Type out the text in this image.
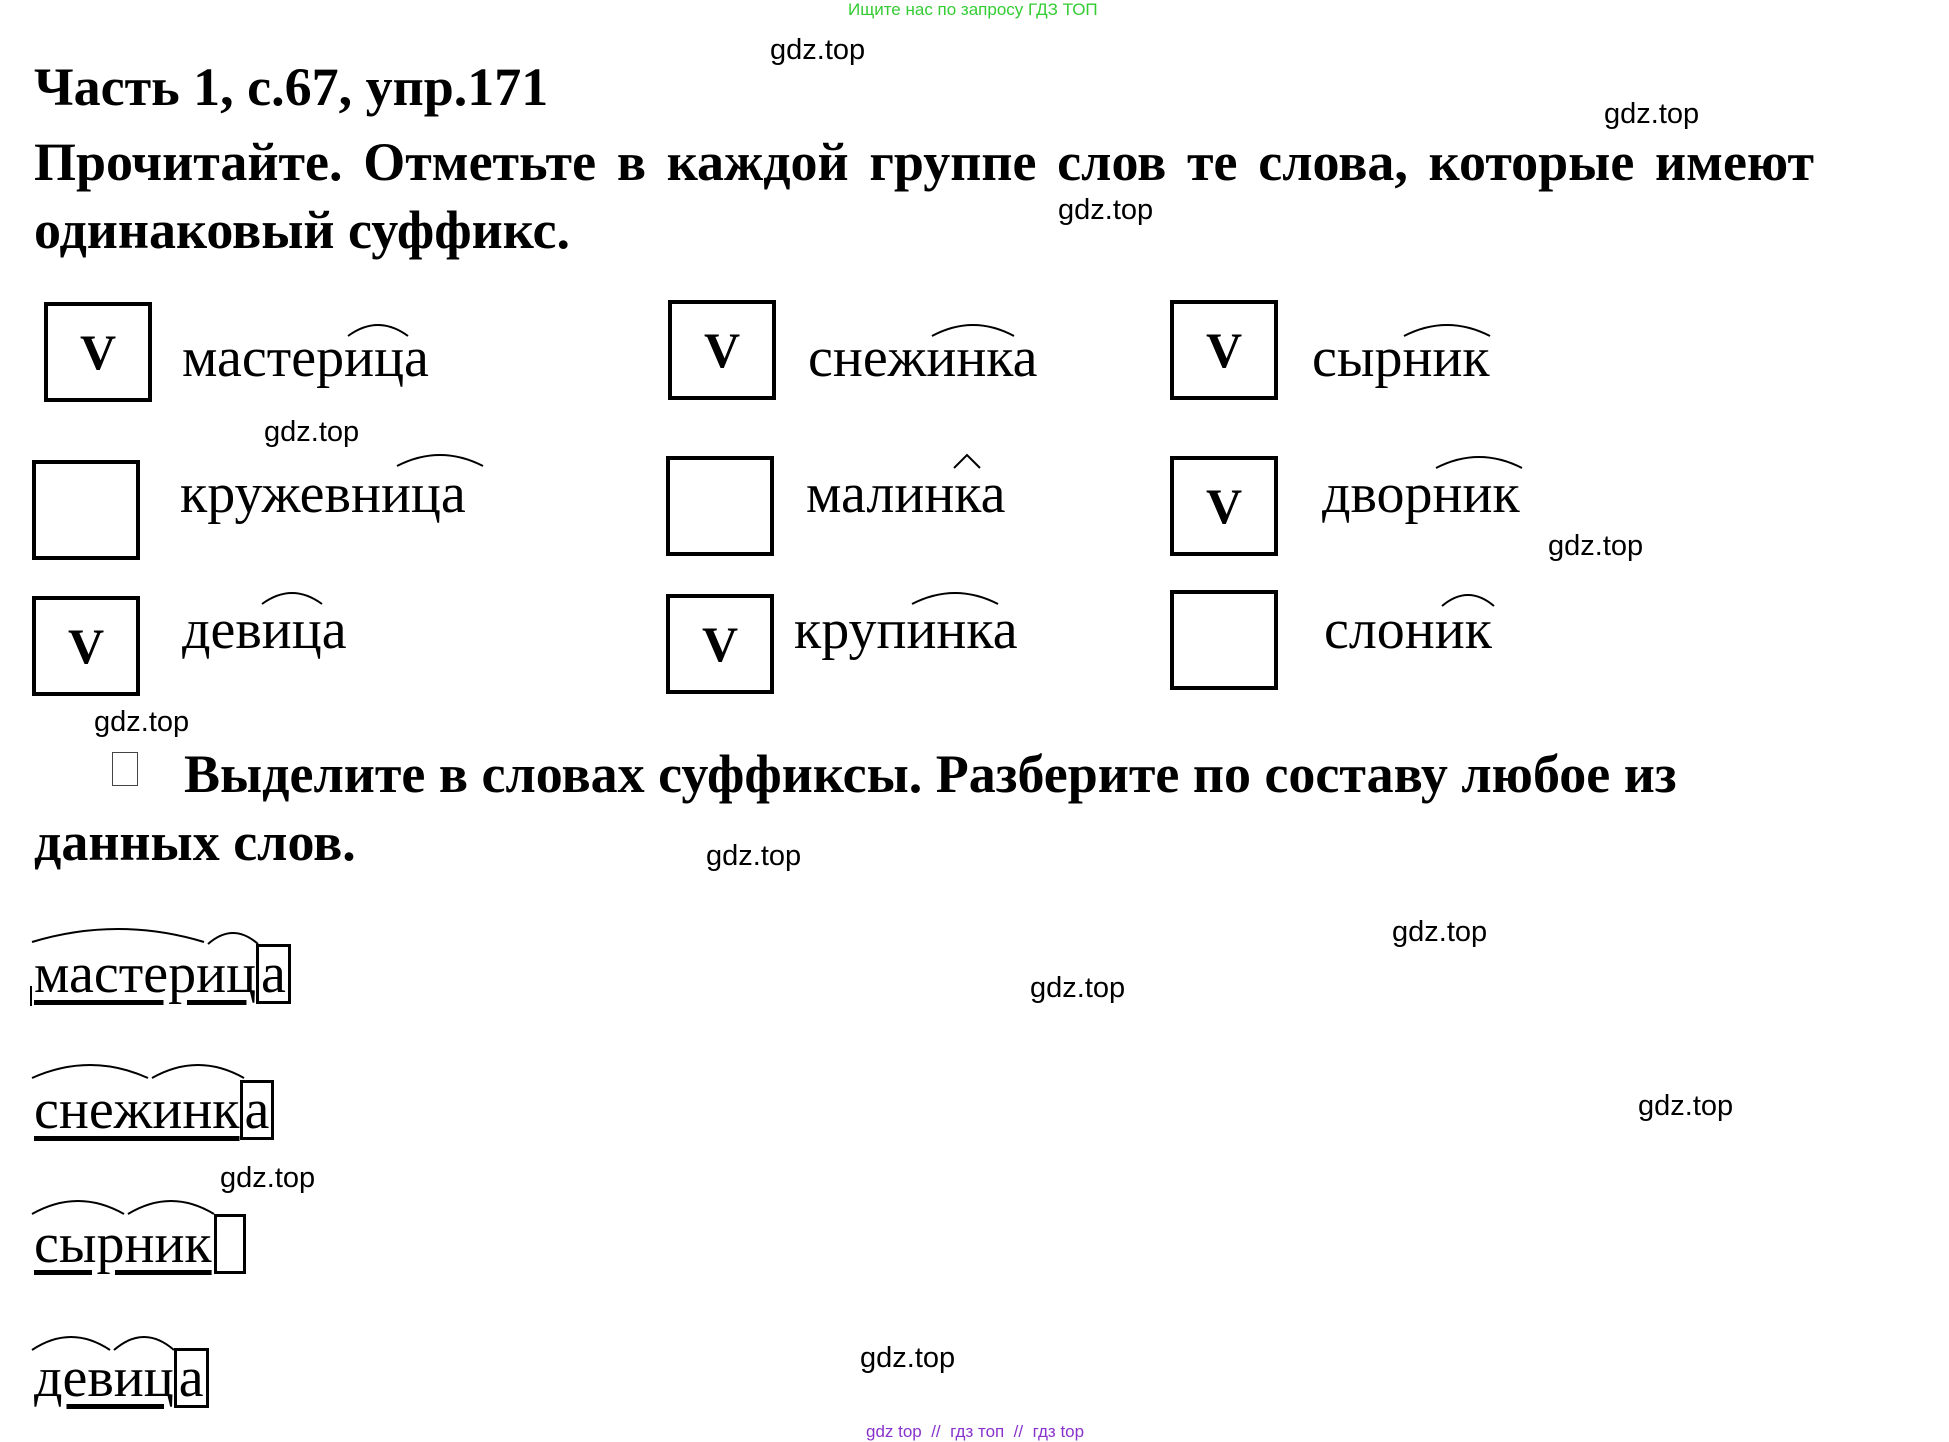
Ищите нас по запросу ГДЗ ТОП
Часть 1, с.67, упр.171
Прочитайте. Отметьте в каждой группе слов те слова, которые имеют одинаковый суффикс.
V мастерица
кружевница
V девица
V снежинка
малинка
V крупинка
V сырник
V дворник
слоник
Выделите в словах суффиксы. Разберите по составу любое из данных слов.
мастерица
снежинка
сырник
девица
gdz.top
gdz.top
gdz.top
gdz.top
gdz.top
gdz.top
gdz.top
gdz.top
gdz.top
gdz.top
gdz.top
gdz.top
gdz top  //  гдз топ  //  гдз top
